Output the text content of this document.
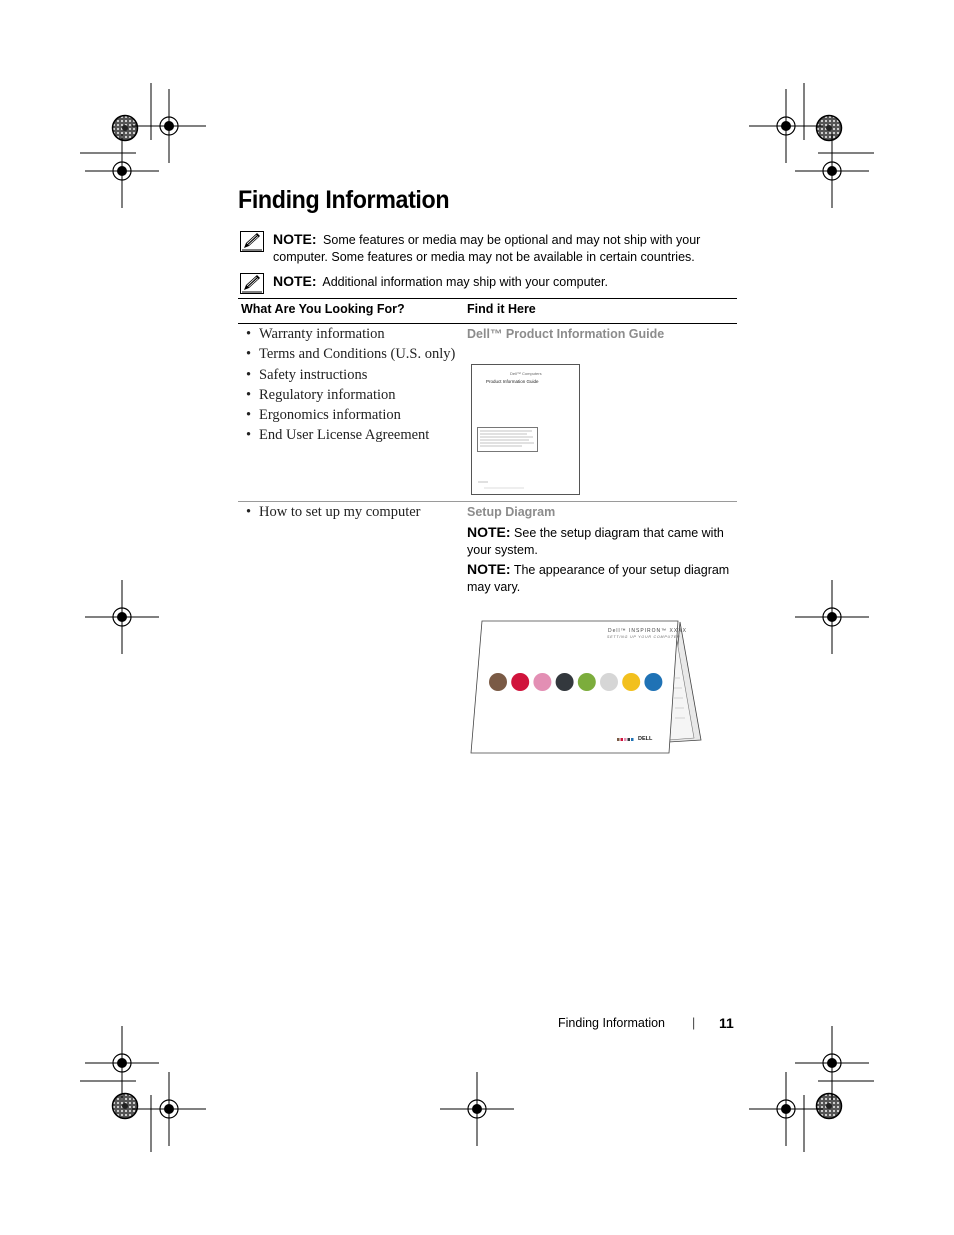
Finding Information
NOTE: Some features or media may be optional and may not ship with your computer. Some features or media may not be available in certain countries.
NOTE: Additional information may ship with your computer.
What Are You Looking For?	Find it Here
• Warranty information
• Terms and Conditions (U.S. only)
• Safety instructions
• Regulatory information
• Ergonomics information
• End User License Agreement
Dell™ Product Information Guide
Dell™ Computers
Product Information Guide
• How to set up my computer	Setup Diagram
NOTE: See the setup diagram that came with your system.
NOTE: The appearance of your setup diagram may vary.
Dell™ INSPIRON™ XXXX
SETTING UP YOUR COMPUTER
DELL
Finding Information | 11
